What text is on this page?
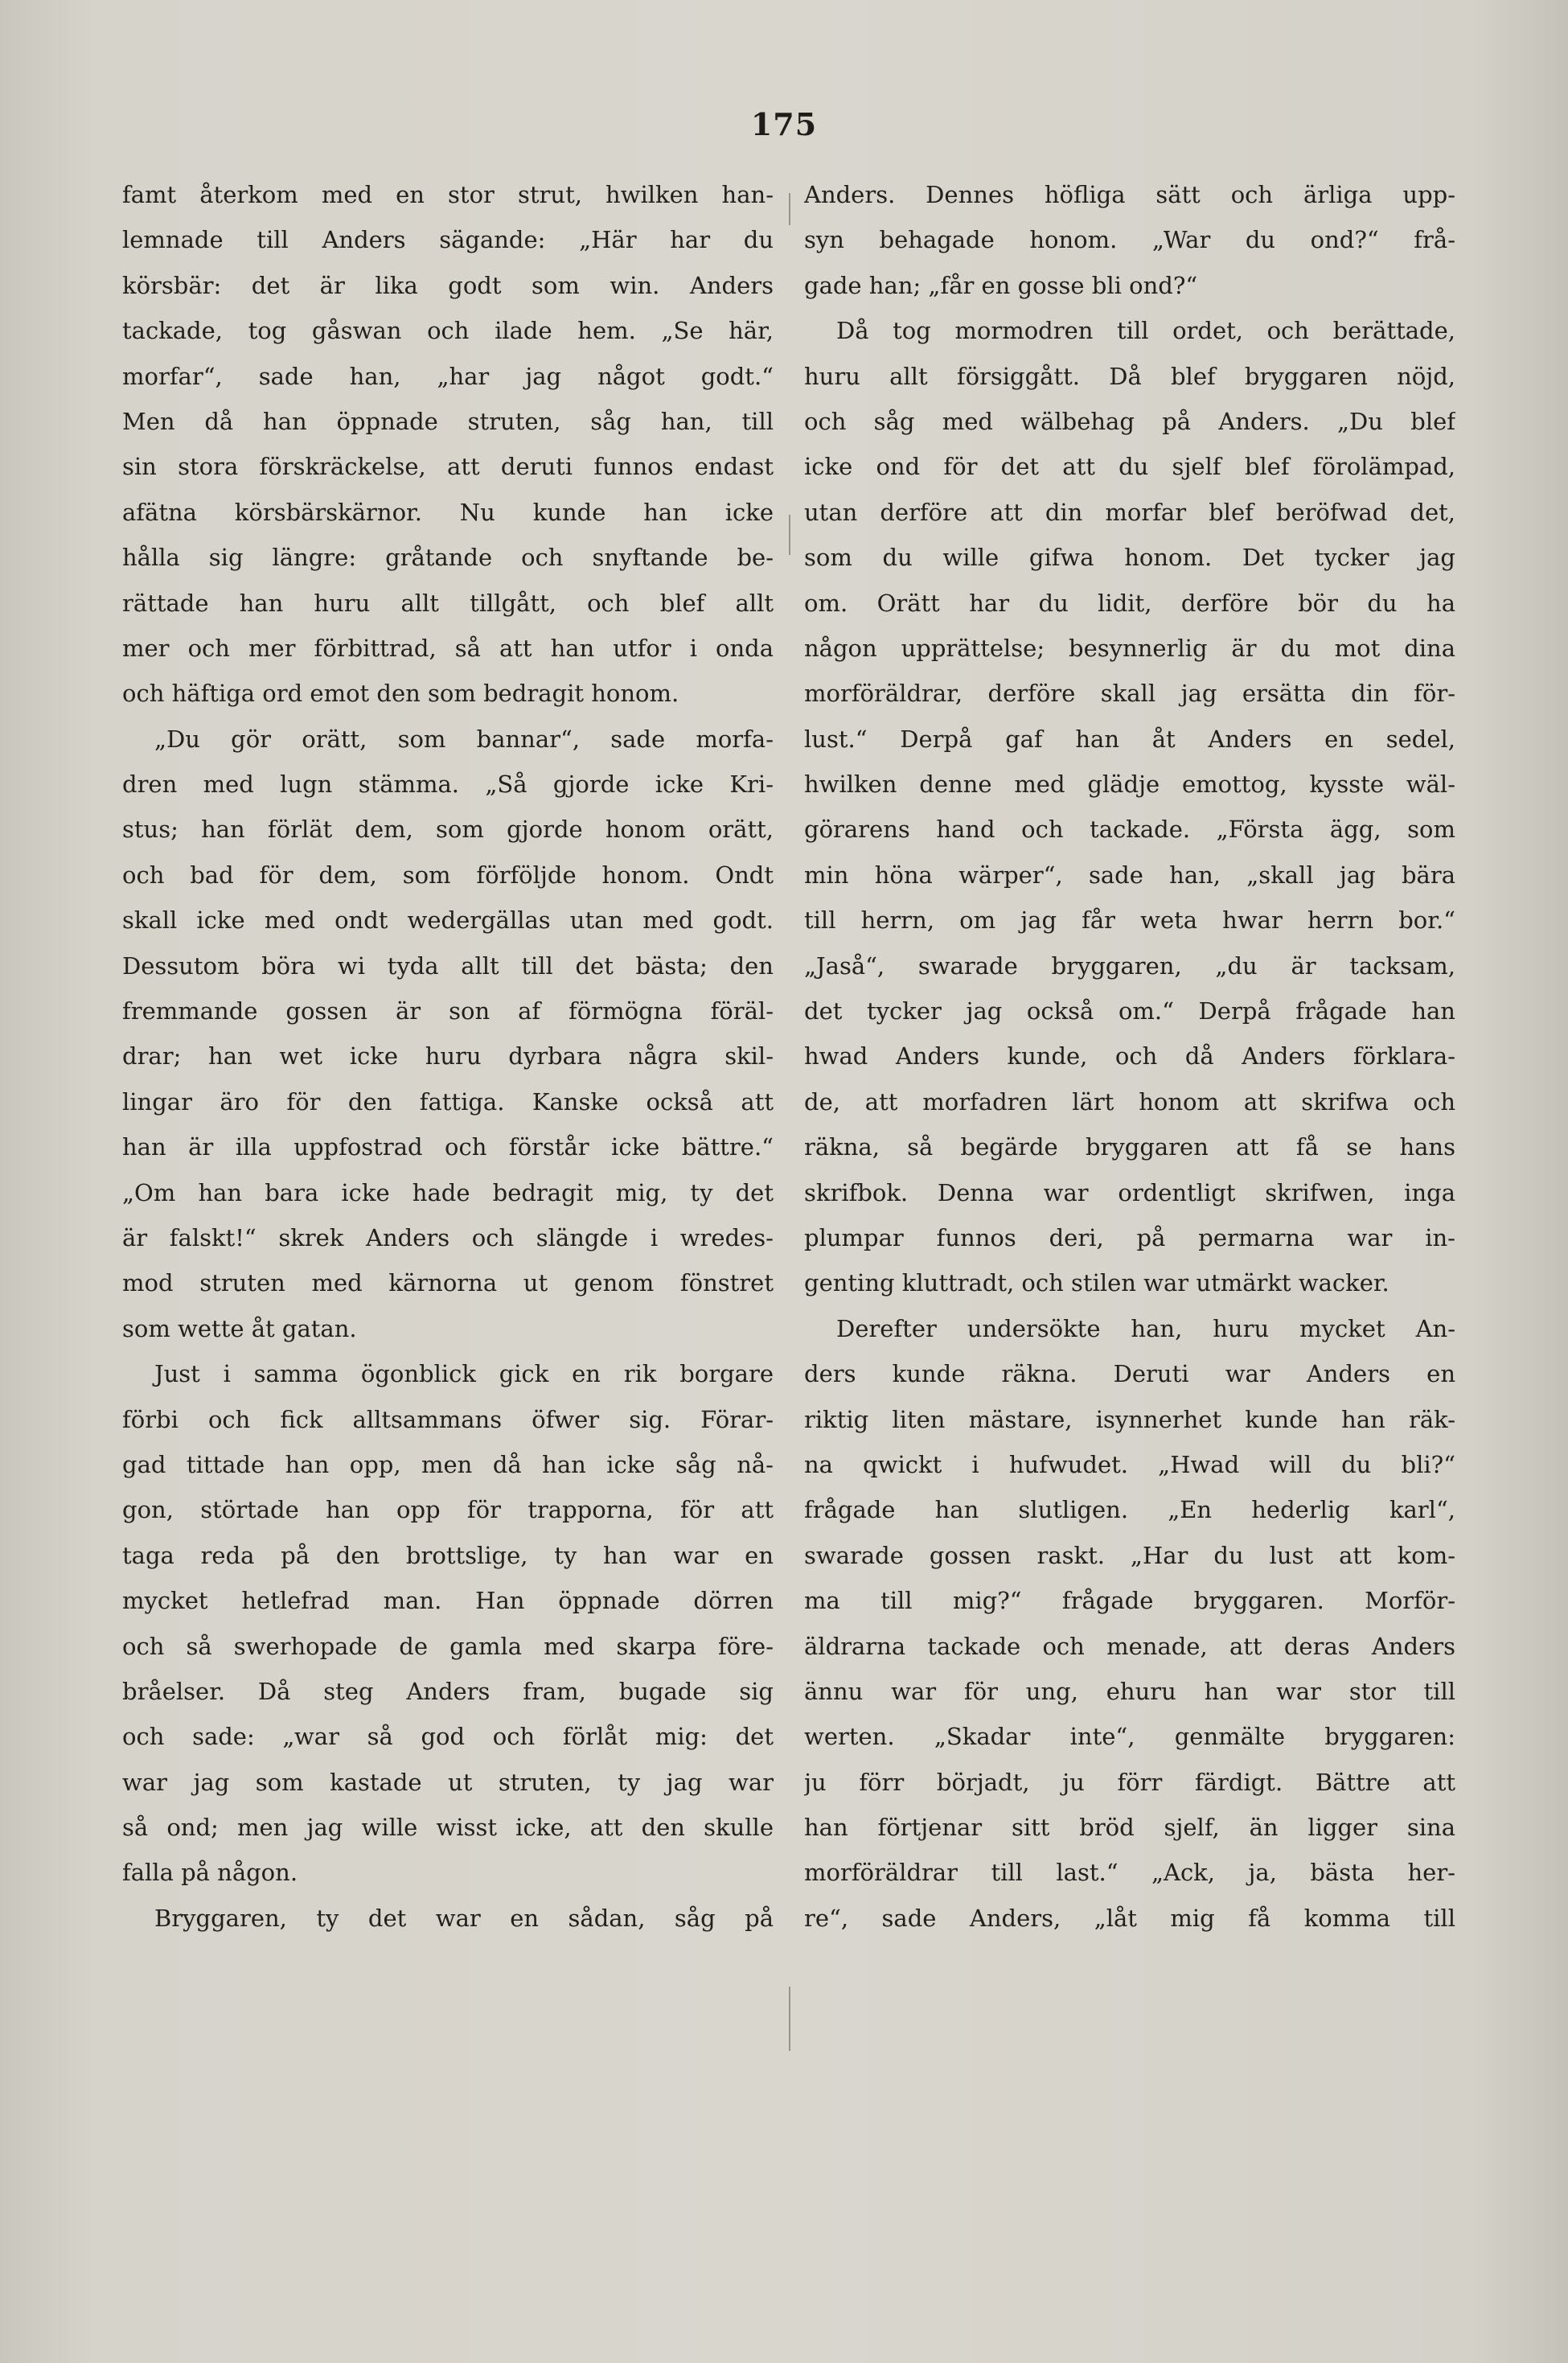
175
famt återkom med en stor strut, hwilken han-
lemnade till Anders sägande: „Här har du
körsbär: det är lika godt som win. Anders
tackade, tog gåswan och ilade hem. „Se här,
morfar“, sade han, „har jag något godt.“
Men då han öppnade struten, såg han, till
sin stora förskräckelse, att deruti funnos endast
afätna körsbärskärnor. Nu kunde han icke
hålla sig längre: gråtande och snyftande be-
rättade han huru allt tillgått, och blef allt
mer och mer förbittrad, så att han utfor i onda
och häftiga ord emot den som bedragit honom.
„Du gör orätt, som bannar“, sade morfa-
dren med lugn stämma. „Så gjorde icke Kri-
stus; han förlät dem, som gjorde honom orätt,
och bad för dem, som förföljde honom. Ondt
skall icke med ondt wedergällas utan med godt.
Dessutom böra wi tyda allt till det bästa; den
fremmande gossen är son af förmögna föräl-
drar; han wet icke huru dyrbara några skil-
lingar äro för den fattiga. Kanske också att
han är illa uppfostrad och förstår icke bättre.“
„Om han bara icke hade bedragit mig, ty det
är falskt!“ skrek Anders och slängde i wredes-
mod struten med kärnorna ut genom fönstret
som wette åt gatan.
Just i samma ögonblick gick en rik borgare
förbi och fick alltsammans öfwer sig. Förar-
gad tittade han opp, men då han icke såg nå-
gon, störtade han opp för trapporna, för att
taga reda på den brottslige, ty han war en
mycket hetlefrad man. Han öppnade dörren
och så swerhopade de gamla med skarpa före-
bråelser. Då steg Anders fram, bugade sig
och sade: „war så god och förlåt mig: det
war jag som kastade ut struten, ty jag war
så ond; men jag wille wisst icke, att den skulle
falla på någon.
Bryggaren, ty det war en sådan, såg på
Anders. Dennes höfliga sätt och ärliga upp-
syn behagade honom. „War du ond?“ frå-
gade han; „får en gosse bli ond?“
Då tog mormodren till ordet, och berättade,
huru allt försiggått. Då blef bryggaren nöjd,
och såg med wälbehag på Anders. „Du blef
icke ond för det att du sjelf blef förolämpad,
utan derföre att din morfar blef beröfwad det,
som du wille gifwa honom. Det tycker jag
om. Orätt har du lidit, derföre bör du ha
någon upprättelse; besynnerlig är du mot dina
morföräldrar, derföre skall jag ersätta din för-
lust.“ Derpå gaf han åt Anders en sedel,
hwilken denne med glädje emottog, kysste wäl-
görarens hand och tackade. „Första ägg, som
min höna wärper“, sade han, „skall jag bära
till herrn, om jag får weta hwar herrn bor.“
„Jaså“, swarade bryggaren, „du är tacksam,
det tycker jag också om.“ Derpå frågade han
hwad Anders kunde, och då Anders förklara-
de, att morfadren lärt honom att skrifwa och
räkna, så begärde bryggaren att få se hans
skrifbok. Denna war ordentligt skrifwen, inga
plumpar funnos deri, på permarna war in-
genting kluttradt, och stilen war utmärkt wacker.
Derefter undersökte han, huru mycket An-
ders kunde räkna. Deruti war Anders en
riktig liten mästare, isynnerhet kunde han räk-
na qwickt i hufwudet. „Hwad will du bli?“
frågade han slutligen. „En hederlig karl“,
swarade gossen raskt. „Har du lust att kom-
ma till mig?“ frågade bryggaren. Morför-
äldrarna tackade och menade, att deras Anders
ännu war för ung, ehuru han war stor till
werten. „Skadar inte“, genmälte bryggaren:
ju förr börjadt, ju förr färdigt. Bättre att
han förtjenar sitt bröd sjelf, än ligger sina
morföräldrar till last.“ „Ack, ja, bästa her-
re“, sade Anders, „låt mig få komma till
